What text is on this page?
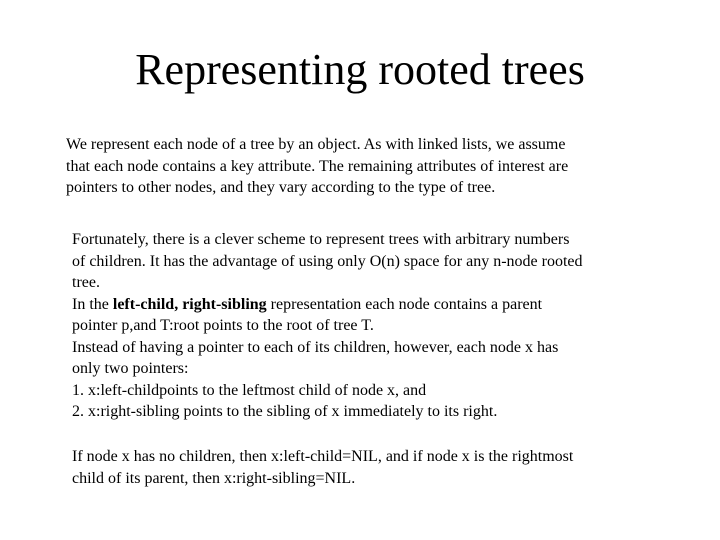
Representing rooted trees

We represent each node of a tree by an object. As with linked lists, we assume
that each node contains a key attribute. The remaining attributes of interest are
pointers to other nodes, and they vary according to the type of tree.

Fortunately, there is a clever scheme to represent trees with arbitrary numbers
of children. It has the advantage of using only O(n) space for any n-node rooted
tree.
In the left-child, right-sibling representation each node contains a parent
pointer p,and T:root points to the root of tree T.
Instead of having a pointer to each of its children, however, each node x has
only two pointers:
1. x:left-childpoints to the leftmost child of node x, and
2. x:right-sibling points to the sibling of x immediately to its right.

If node x has no children, then x:left-child=NIL, and if node x is the rightmost
child of its parent, then x:right-sibling=NIL.
